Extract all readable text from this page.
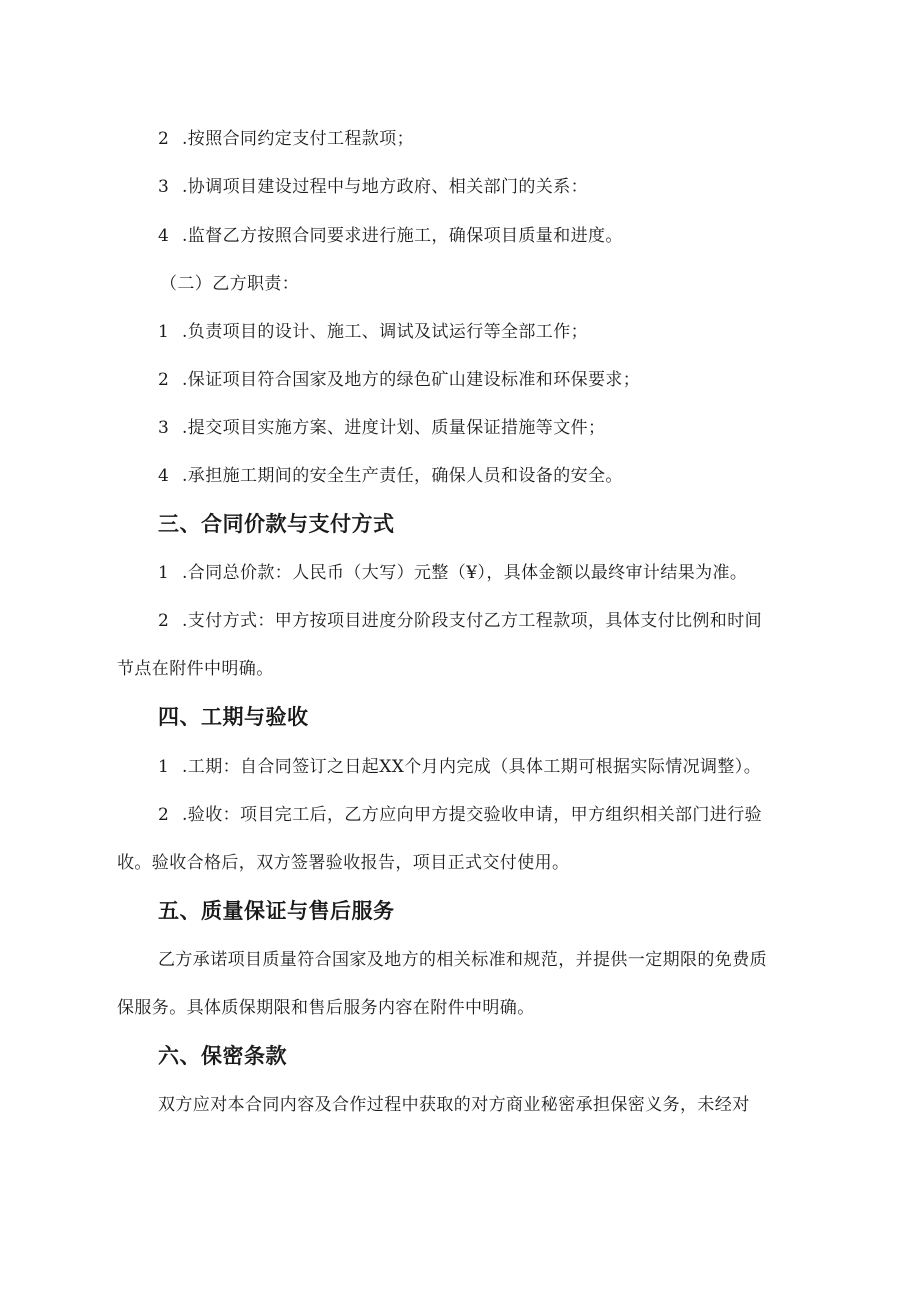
2 .按照合同约定支付工程款项；
3 .协调项目建设过程中与地方政府、相关部门的关系：
4 .监督乙方按照合同要求进行施工，确保项目质量和进度。
（二）乙方职责：
1 .负责项目的设计、施工、调试及试运行等全部工作；
2 .保证项目符合国家及地方的绿色矿山建设标准和环保要求；
3 .提交项目实施方案、进度计划、质量保证措施等文件；
4 .承担施工期间的安全生产责任，确保人员和设备的安全。
三、合同价款与支付方式
1 .合同总价款：人民币（大写）元整（¥），具体金额以最终审计结果为准。
2 .支付方式：甲方按项目进度分阶段支付乙方工程款项，具体支付比例和时间
节点在附件中明确。
四、工期与验收
1 .工期：自合同签订之日起XX个月内完成（具体工期可根据实际情况调整）。
2 .验收：项目完工后，乙方应向甲方提交验收申请，甲方组织相关部门进行验
收。验收合格后，双方签署验收报告，项目正式交付使用。
五、质量保证与售后服务
乙方承诺项目质量符合国家及地方的相关标准和规范，并提供一定期限的免费质
保服务。具体质保期限和售后服务内容在附件中明确。
六、保密条款
双方应对本合同内容及合作过程中获取的对方商业秘密承担保密义务，未经对
